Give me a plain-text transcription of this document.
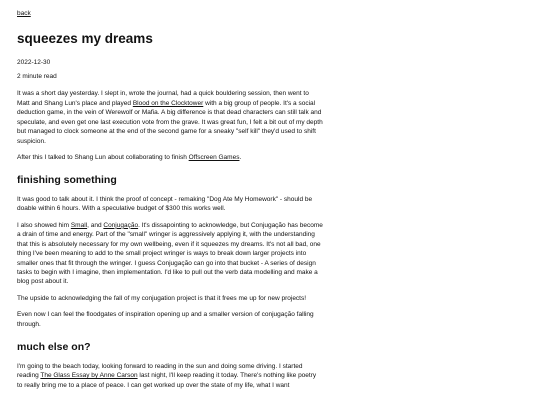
back
squeezes my dreams

2022-12-30

2 minute read

It was a short day yesterday. I slept in, wrote the journal, had a quick bouldering session, then went to Matt and Shang Lun's place and played Blood on the Clocktower with a big group of people. It's a social deduction game, in the vein of Werewolf or Mafia. A big difference is that dead characters can still talk and speculate, and even get one last execution vote from the grave. It was great fun, I felt a bit out of my depth but managed to clock someone at the end of the second game for a sneaky "self kill" they'd used to shift suspicion.

After this I talked to Shang Lun about collaborating to finish Offscreen Games.

finishing something

It was good to talk about it. I think the proof of concept - remaking "Dog Ate My Homework" - should be doable within 6 hours. With a speculative budget of $300 this works well.

I also showed him Small, and Conjugação. It's dissapointing to acknowledge, but Conjugação has become a drain of time and energy. Part of the "small" wringer is aggressively applying it, with the understanding that this is absolutely necessary for my own wellbeing, even if it squeezes my dreams. It's not all bad, one thing I've been meaning to add to the small project wringer is ways to break down larger projects into smaller ones that fit through the wringer. I guess Conjugação can go into that bucket - A series of design tasks to begin with I imagine, then implementation. I'd like to pull out the verb data modelling and make a blog post about it.

The upside to acknowledging the fall of my conjugation project is that it frees me up for new projects!

Even now I can feel the floodgates of inspiration opening up and a smaller version of conjugação falling through.

much else on?

I'm going to the beach today, looking forward to reading in the sun and doing some driving. I started reading The Glass Essay by Anne Carson last night, I'll keep reading it today. There's nothing like poetry to really bring me to a place of peace. I can get worked up over the state of my life, what I want
